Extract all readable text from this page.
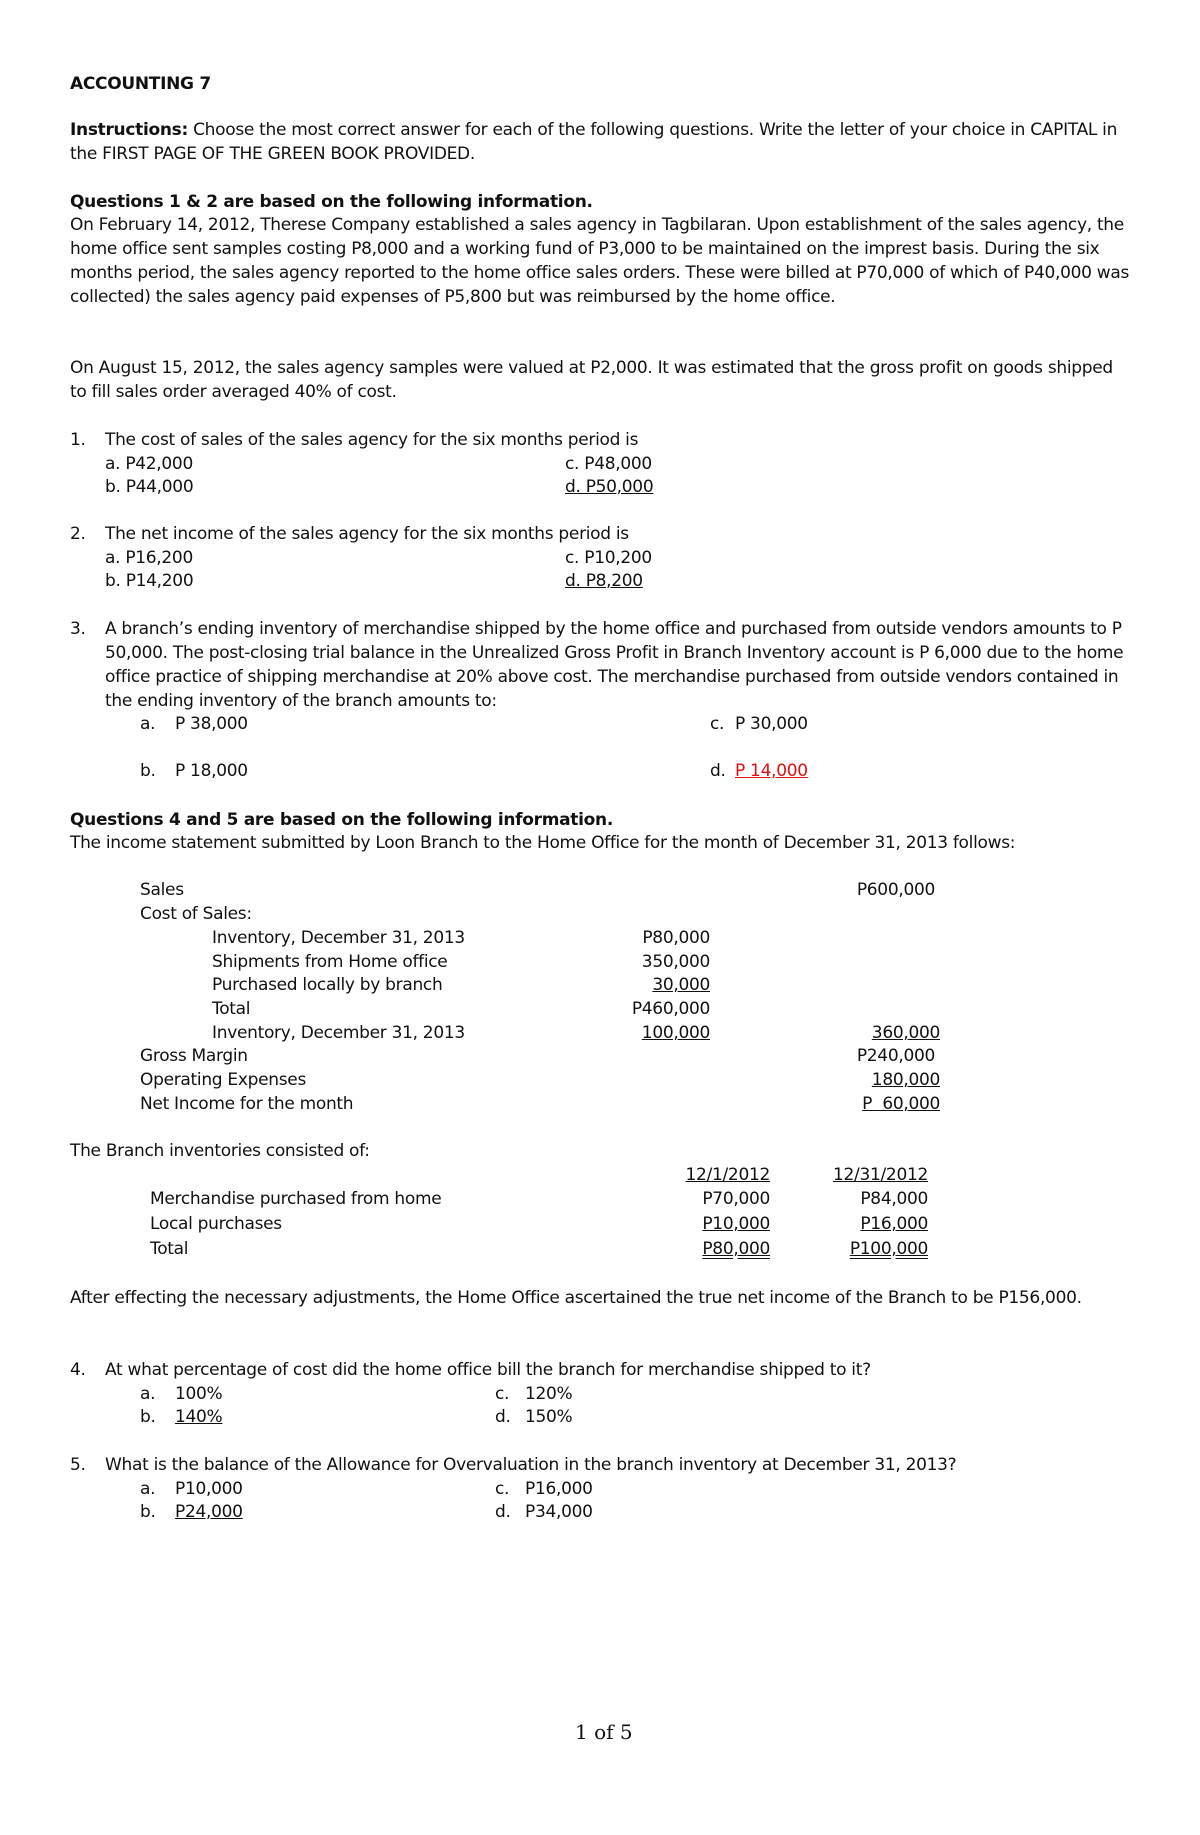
ACCOUNTING 7
Instructions: Choose the most correct answer for each of the following questions. Write the letter of your choice in CAPITAL in the FIRST PAGE OF THE GREEN BOOK PROVIDED.
Questions 1 & 2 are based on the following information.
On February 14, 2012, Therese Company established a sales agency in Tagbilaran. Upon establishment of the sales agency, the home office sent samples costing P8,000 and a working fund of P3,000 to be maintained on the imprest basis. During the six months period, the sales agency reported to the home office sales orders. These were billed at P70,000 of which of P40,000 was collected) the sales agency paid expenses of P5,800 but was reimbursed by the home office.
On August 15, 2012, the sales agency samples were valued at P2,000. It was estimated that the gross profit on goods shipped to fill sales order averaged 40% of cost.
1. The cost of sales of the sales agency for the six months period is
a. P42,000
b. P44,000
c. P48,000
d. P50,000
2. The net income of the sales agency for the six months period is
a. P16,200
b. P14,200
c. P10,200
d. P8,200
3. A branch’s ending inventory of merchandise shipped by the home office and purchased from outside vendors amounts to P 50,000. The post-closing trial balance in the Unrealized Gross Profit in Branch Inventory account is P 6,000 due to the home office practice of shipping merchandise at 20% above cost. The merchandise purchased from outside vendors contained in the ending inventory of the branch amounts to:
a. P 38,000
b. P 18,000
c. P 30,000
d. P 14,000
Questions 4 and 5 are based on the following information.
The income statement submitted by Loon Branch to the Home Office for the month of December 31, 2013 follows:
Sales	P600,000
Cost of Sales:
Inventory, December 31, 2013	P80,000
Shipments from Home office	350,000
Purchased locally by branch	30,000
Total	P460,000
Inventory, December 31, 2013	100,000	360,000
Gross Margin	P240,000
Operating Expenses	180,000
Net Income for the month	P  60,000
The Branch inventories consisted of:
12/1/2012	12/31/2012
Merchandise purchased from home	P70,000	P84,000
Local purchases	P10,000	P16,000
Total	P80,000	P100,000
After effecting the necessary adjustments, the Home Office ascertained the true net income of the Branch to be P156,000.
4. At what percentage of cost did the home office bill the branch for merchandise shipped to it?
a. 100%
b. 140%
c. 120%
d. 150%
5. What is the balance of the Allowance for Overvaluation in the branch inventory at December 31, 2013?
a. P10,000
b. P24,000
c. P16,000
d. P34,000
1 of 5
